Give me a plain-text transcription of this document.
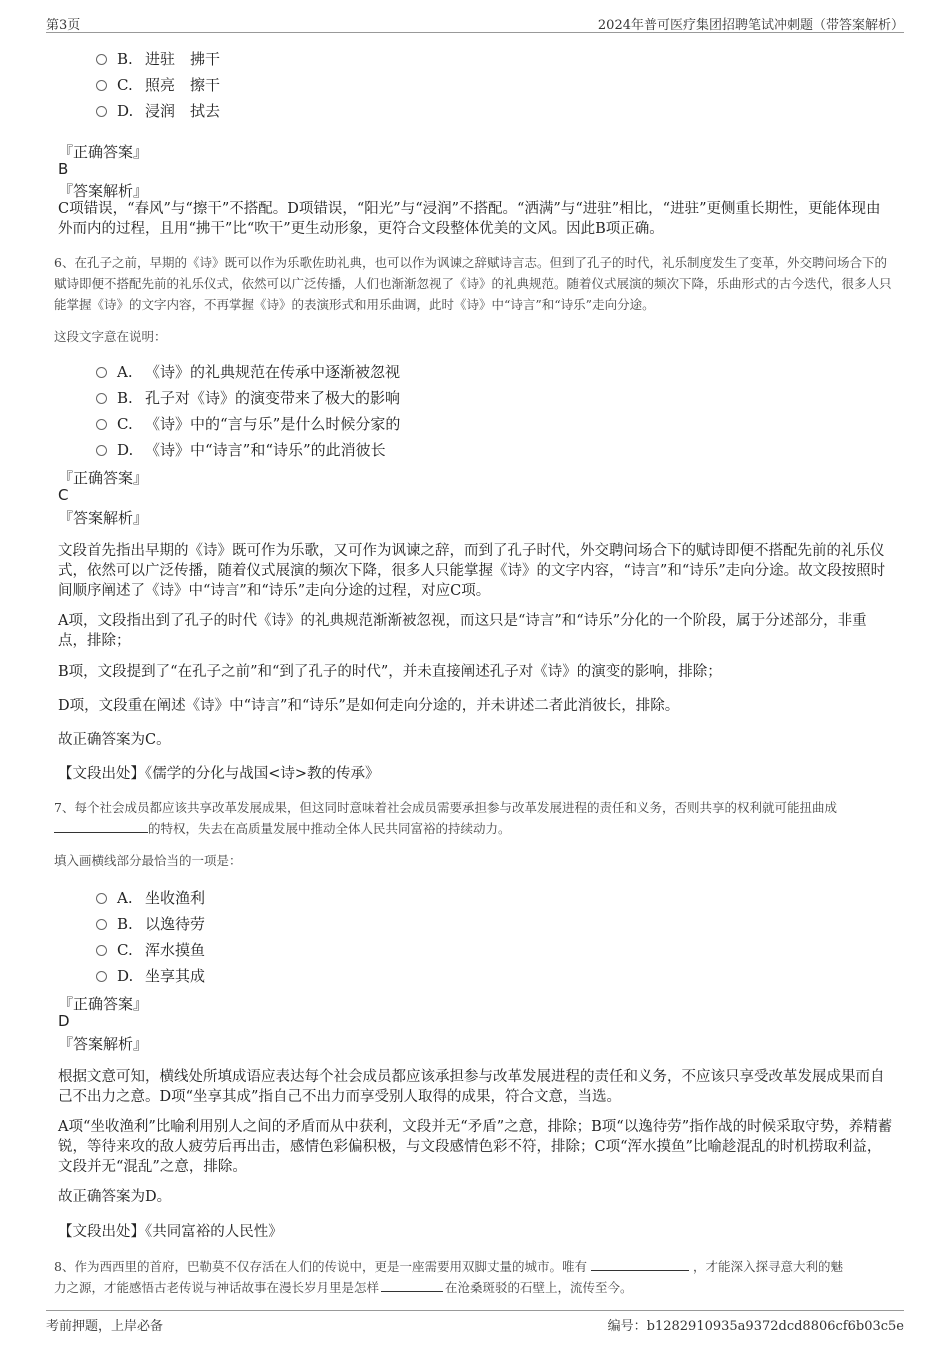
第3页	2024年普可医疗集团招聘笔试冲刺题（带答案解析）
B. 进驻　拂干
C. 照亮　擦干
D. 浸润　拭去
『正确答案』
B
『答案解析』
C项错误，“春风”与“擦干”不搭配。D项错误，“阳光”与“浸润”不搭配。“洒满”与“进驻”相比，“进驻”更侧重长期性，更能体现由外而内的过程，且用“拂干”比“吹干”更生动形象，更符合文段整体优美的文风。因此B项正确。
6、在孔子之前，早期的《诗》既可以作为乐歌佐助礼典，也可以作为讽谏之辞赋诗言志。但到了孔子的时代，礼乐制度发生了变革，外交聘问场合下的赋诗即便不搭配先前的礼乐仪式，依然可以广泛传播，人们也渐渐忽视了《诗》的礼典规范。随着仪式展演的频次下降，乐曲形式的古今迭代，很多人只能掌握《诗》的文字内容，不再掌握《诗》的表演形式和用乐曲调，此时《诗》中“诗言”和“诗乐”走向分途。
这段文字意在说明：
A. 《诗》的礼典规范在传承中逐渐被忽视
B. 孔子对《诗》的演变带来了极大的影响
C. 《诗》中的“言与乐”是什么时候分家的
D. 《诗》中“诗言”和“诗乐”的此消彼长
『正确答案』
C
『答案解析』
文段首先指出早期的《诗》既可作为乐歌，又可作为讽谏之辞，而到了孔子时代，外交聘问场合下的赋诗即便不搭配先前的礼乐仪式，依然可以广泛传播，随着仪式展演的频次下降，很多人只能掌握《诗》的文字内容，“诗言”和“诗乐”走向分途。故文段按照时间顺序阐述了《诗》中“诗言”和“诗乐”走向分途的过程，对应C项。
A项，文段指出到了孔子的时代《诗》的礼典规范渐渐被忽视，而这只是“诗言”和“诗乐”分化的一个阶段，属于分述部分，非重点，排除；
B项，文段提到了“在孔子之前”和“到了孔子的时代”，并未直接阐述孔子对《诗》的演变的影响，排除；
D项，文段重在阐述《诗》中“诗言”和“诗乐”是如何走向分途的，并未讲述二者此消彼长，排除。
故正确答案为C。
【文段出处】《儒学的分化与战国<诗>教的传承》
7、每个社会成员都应该共享改革发展成果，但这同时意味着社会成员需要承担参与改革发展进程的责任和义务，否则共享的权利就可能扭曲成
的特权，失去在高质量发展中推动全体人民共同富裕的持续动力。
填入画横线部分最恰当的一项是：
A. 坐收渔利
B. 以逸待劳
C. 浑水摸鱼
D. 坐享其成
『正确答案』
D
『答案解析』
根据文意可知，横线处所填成语应表达每个社会成员都应该承担参与改革发展进程的责任和义务，不应该只享受改革发展成果而自己不出力之意。D项“坐享其成”指自己不出力而享受别人取得的成果，符合文意，当选。
A项“坐收渔利”比喻利用别人之间的矛盾而从中获利，文段并无“矛盾”之意，排除；B项“以逸待劳”指作战的时候采取守势，养精蓄锐，等待来攻的敌人疲劳后再出击，感情色彩偏积极，与文段感情色彩不符，排除；C项“浑水摸鱼”比喻趁混乱的时机捞取利益，文段并无“混乱”之意，排除。
故正确答案为D。
【文段出处】《共同富裕的人民性》
8、作为西西里的首府，巴勒莫不仅存活在人们的传说中，更是一座需要用双脚丈量的城市。唯有	，才能深入探寻意大利的魅
力之源，才能感悟古老传说与神话故事在漫长岁月里是怎样	在沧桑斑驳的石壁上，流传至今。
考前押题，上岸必备	编号：b1282910935a9372dcd8806cf6b03c5e
